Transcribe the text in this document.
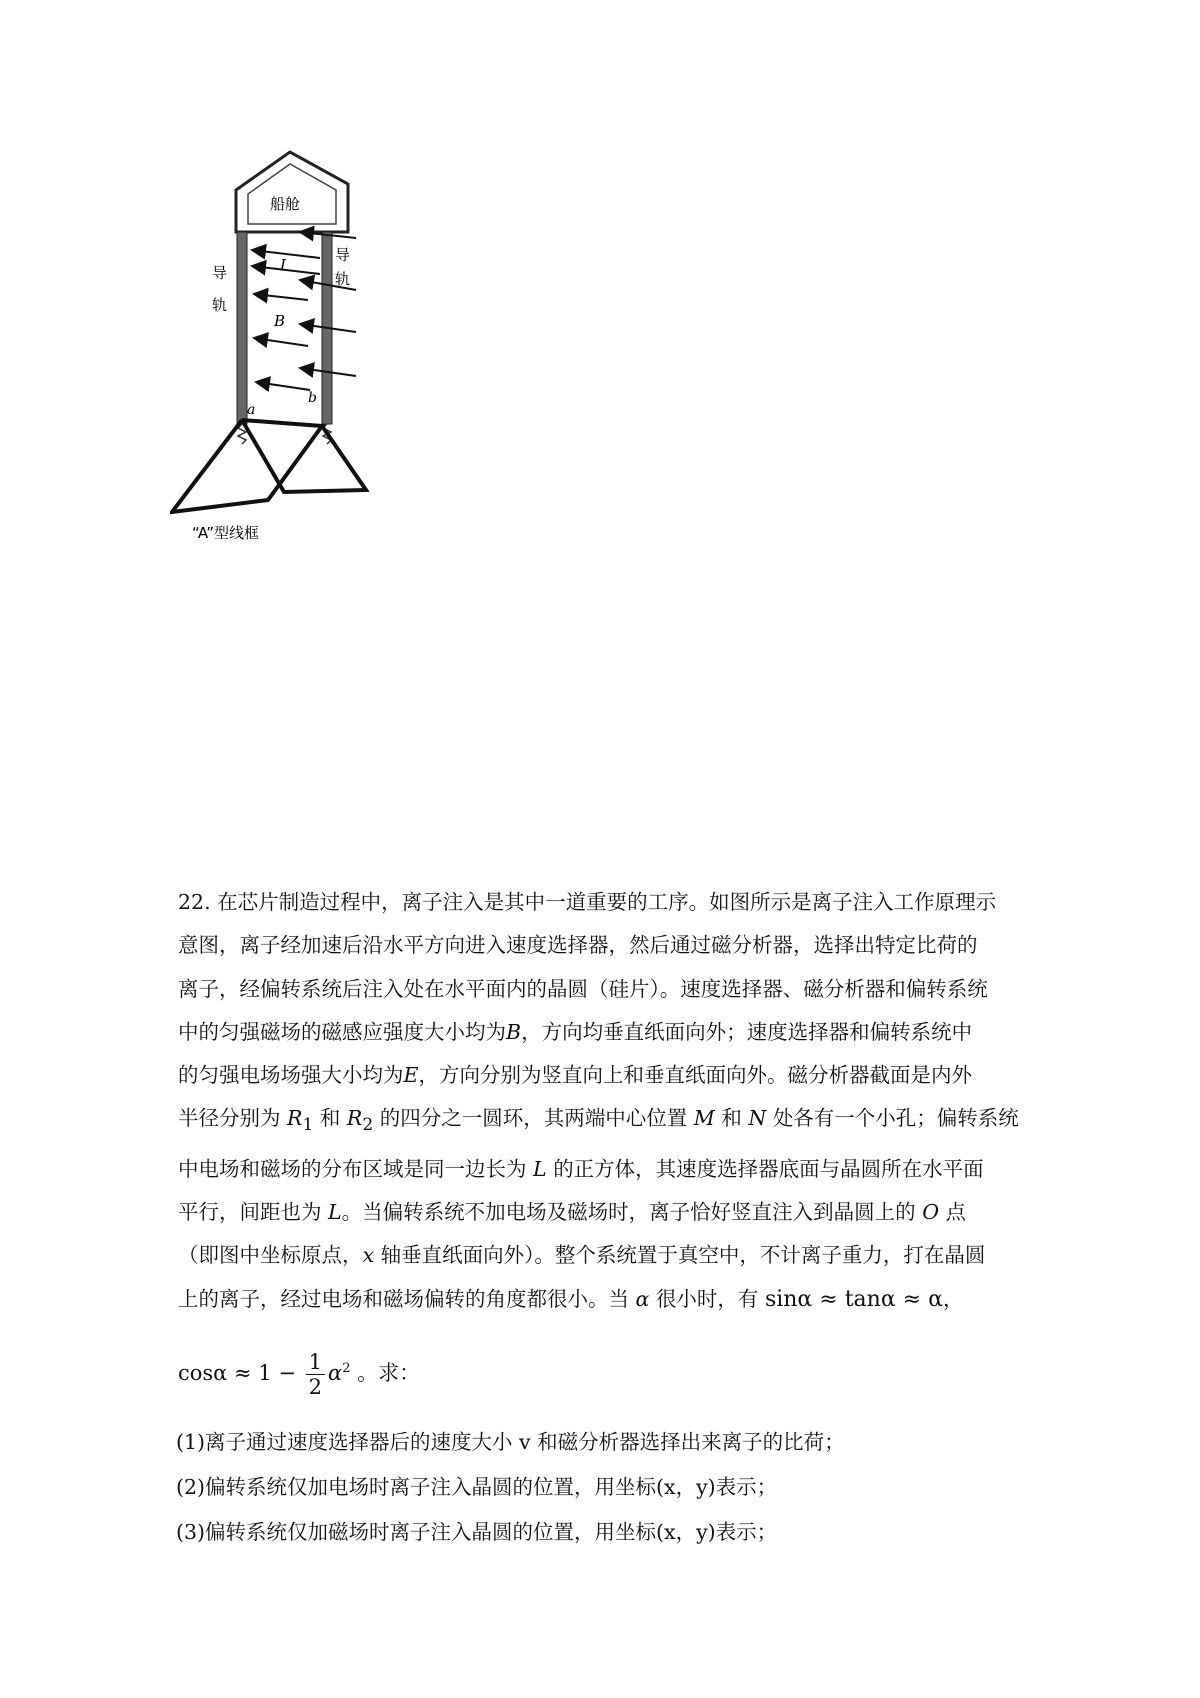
船舱
导
轨
导
轨
I
B
a
b
“A”型线框
22. 在芯片制造过程中，离子注入是其中一道重要的工序。如图所示是离子注入工作原理示
意图，离子经加速后沿水平方向进入速度选择器，然后通过磁分析器，选择出特定比荷的
离子，经偏转系统后注入处在水平面内的晶圆（硅片）。速度选择器、磁分析器和偏转系统
中的匀强磁场的磁感应强度大小均为B，方向均垂直纸面向外；速度选择器和偏转系统中
的匀强电场场强大小均为E，方向分别为竖直向上和垂直纸面向外。磁分析器截面是内外
半径分别为 $R_1$ 和 $R_2$ 的四分之一圆环，其两端中心位置 M 和 N 处各有一个小孔；偏转系统
中电场和磁场的分布区域是同一边长为 L 的正方体，其速度选择器底面与晶圆所在水平面
平行，间距也为 L。当偏转系统不加电场及磁场时，离子恰好竖直注入到晶圆上的 O 点
（即图中坐标原点，x 轴垂直纸面向外）。整个系统置于真空中，不计离子重力，打在晶圆
上的离子，经过电场和磁场偏转的角度都很小。当 α 很小时，有 sinα ≈ tanα ≈ α，
$\cos\alpha \approx 1 - \frac{1}{2} \alpha^2$ 。求：
(1)离子通过速度选择器后的速度大小 v 和磁分析器选择出来离子的比荷；
(2)偏转系统仅加电场时离子注入晶圆的位置，用坐标(x，y)表示；
(3)偏转系统仅加磁场时离子注入晶圆的位置，用坐标(x，y)表示；
